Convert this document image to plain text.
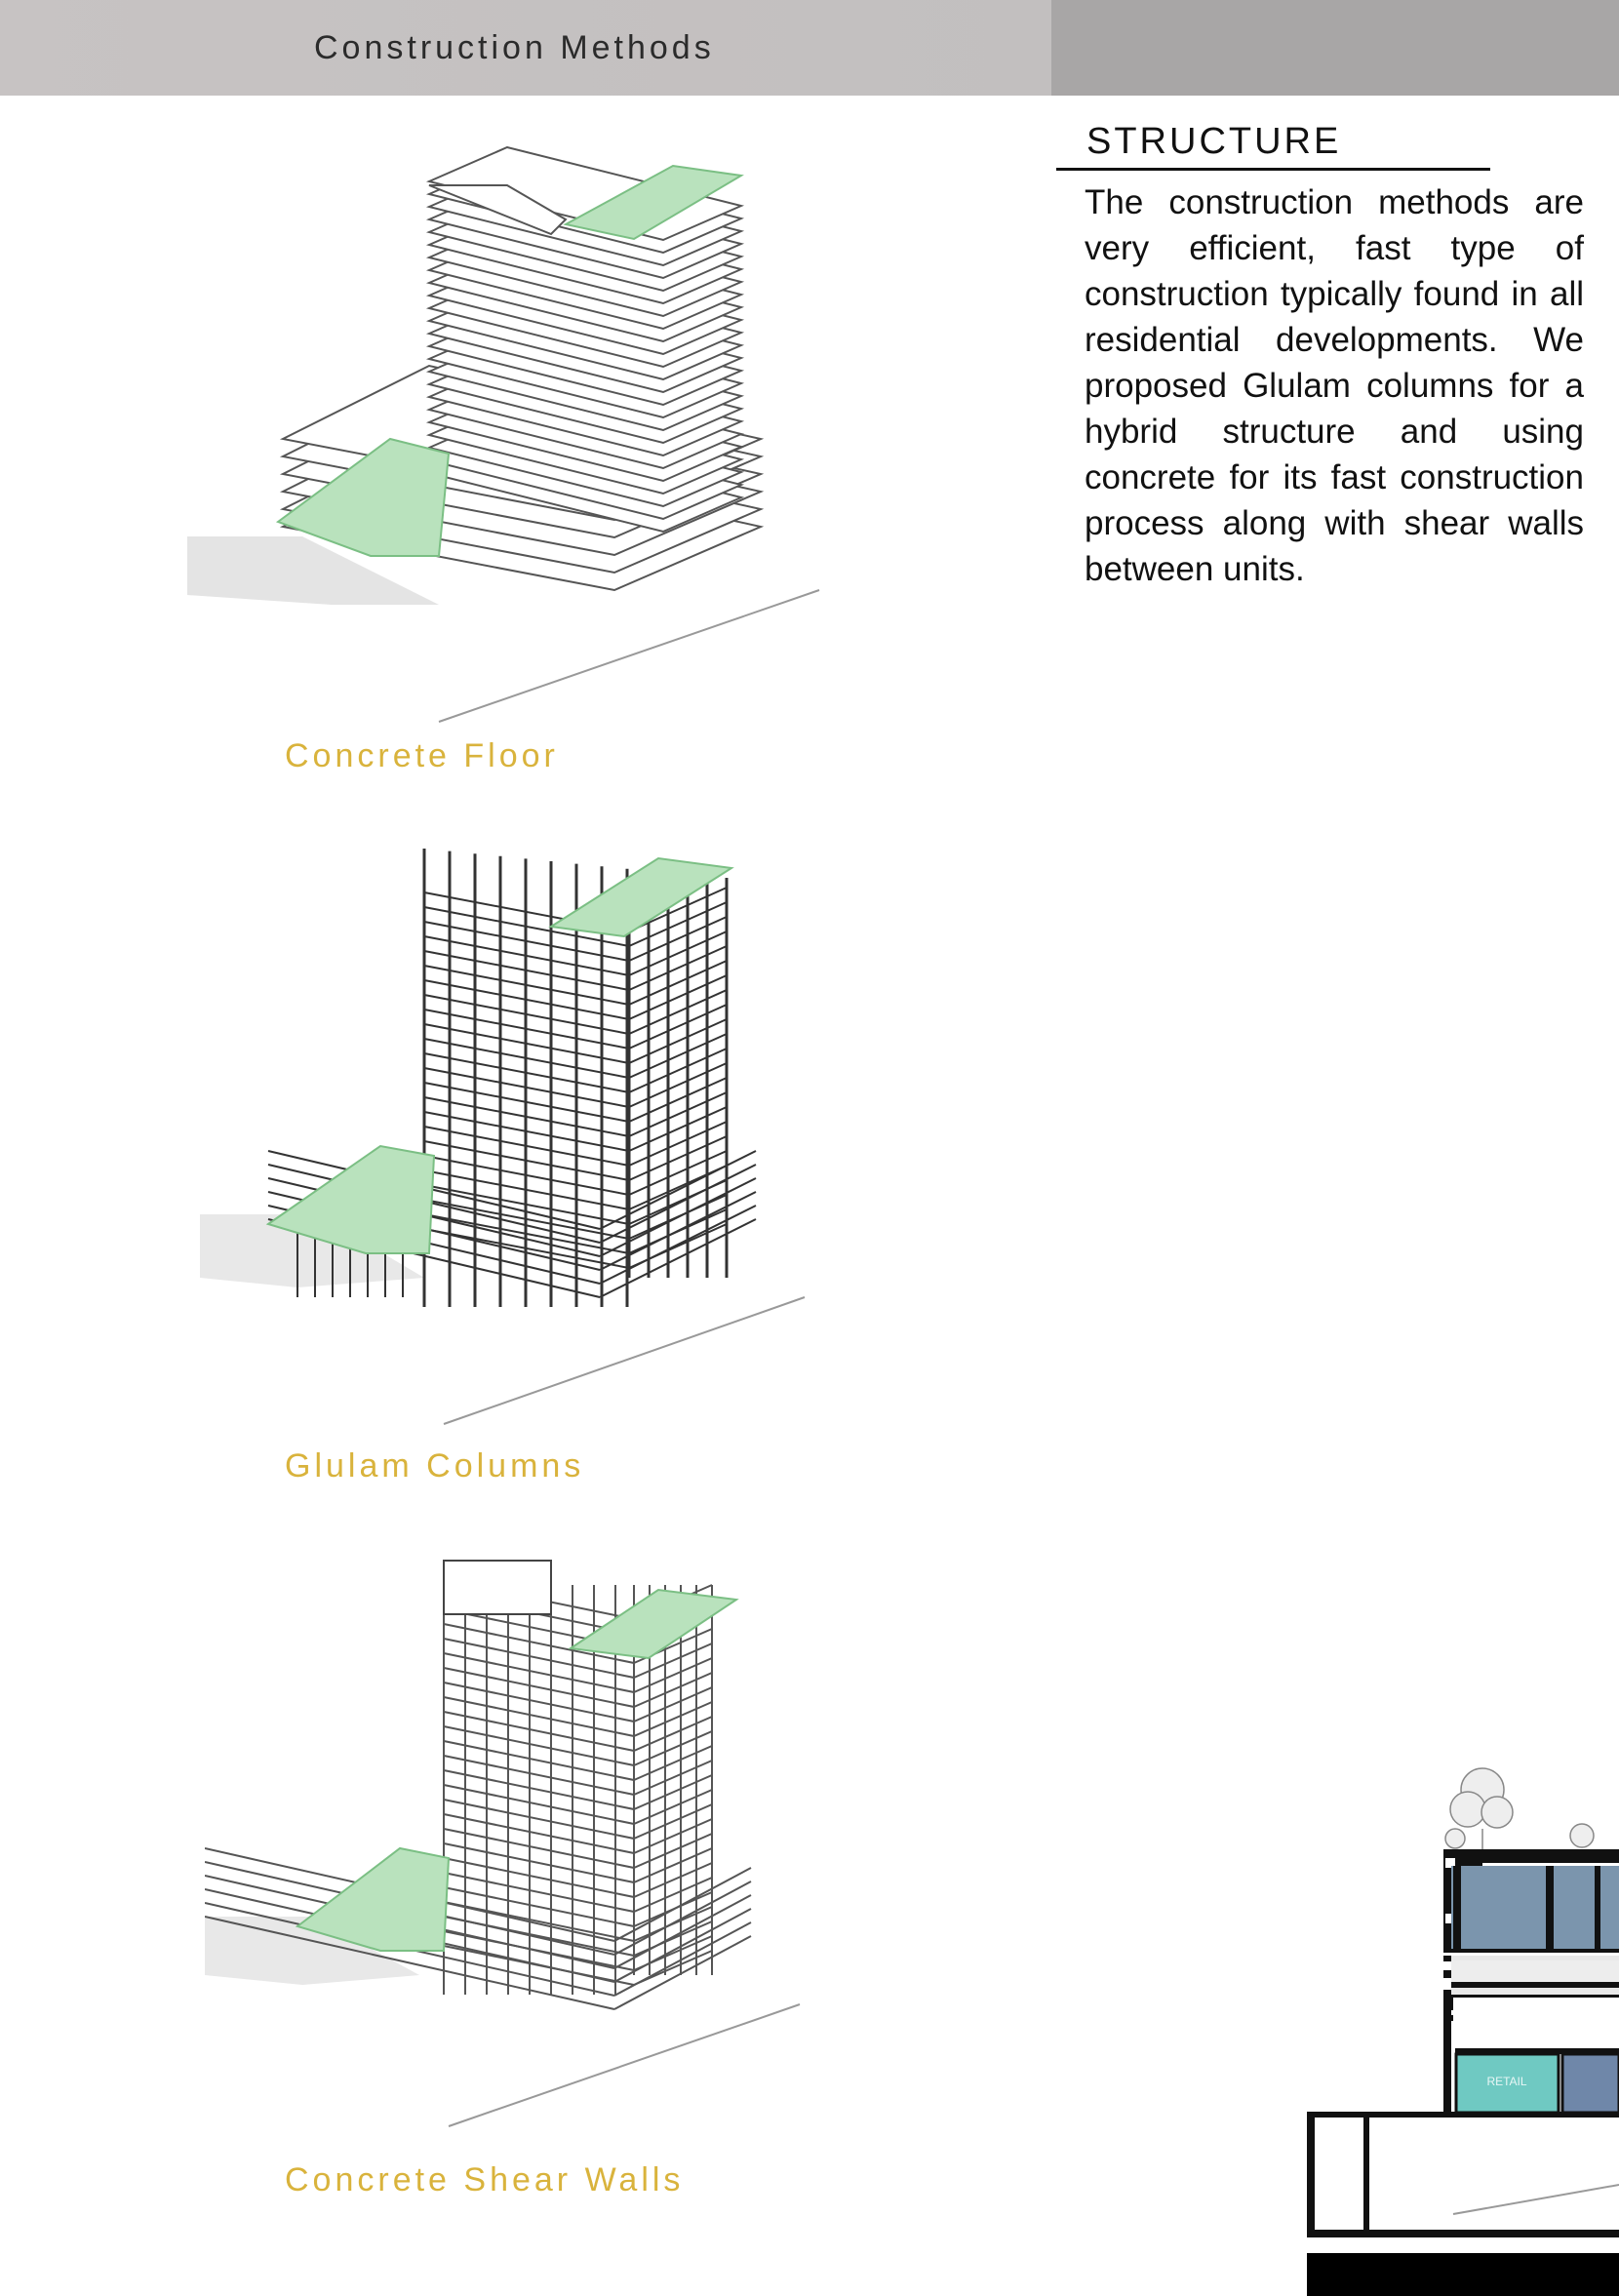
Construction Methods
STRUCTURE
The construction methods are very efficient, fast type of construction typically found in all residential developments. We proposed Glulam columns for a hybrid structure and using concrete for its fast construction process along with shear walls between units.
Concrete Floor
Glulam Columns
Concrete Shear Walls
RETAIL
